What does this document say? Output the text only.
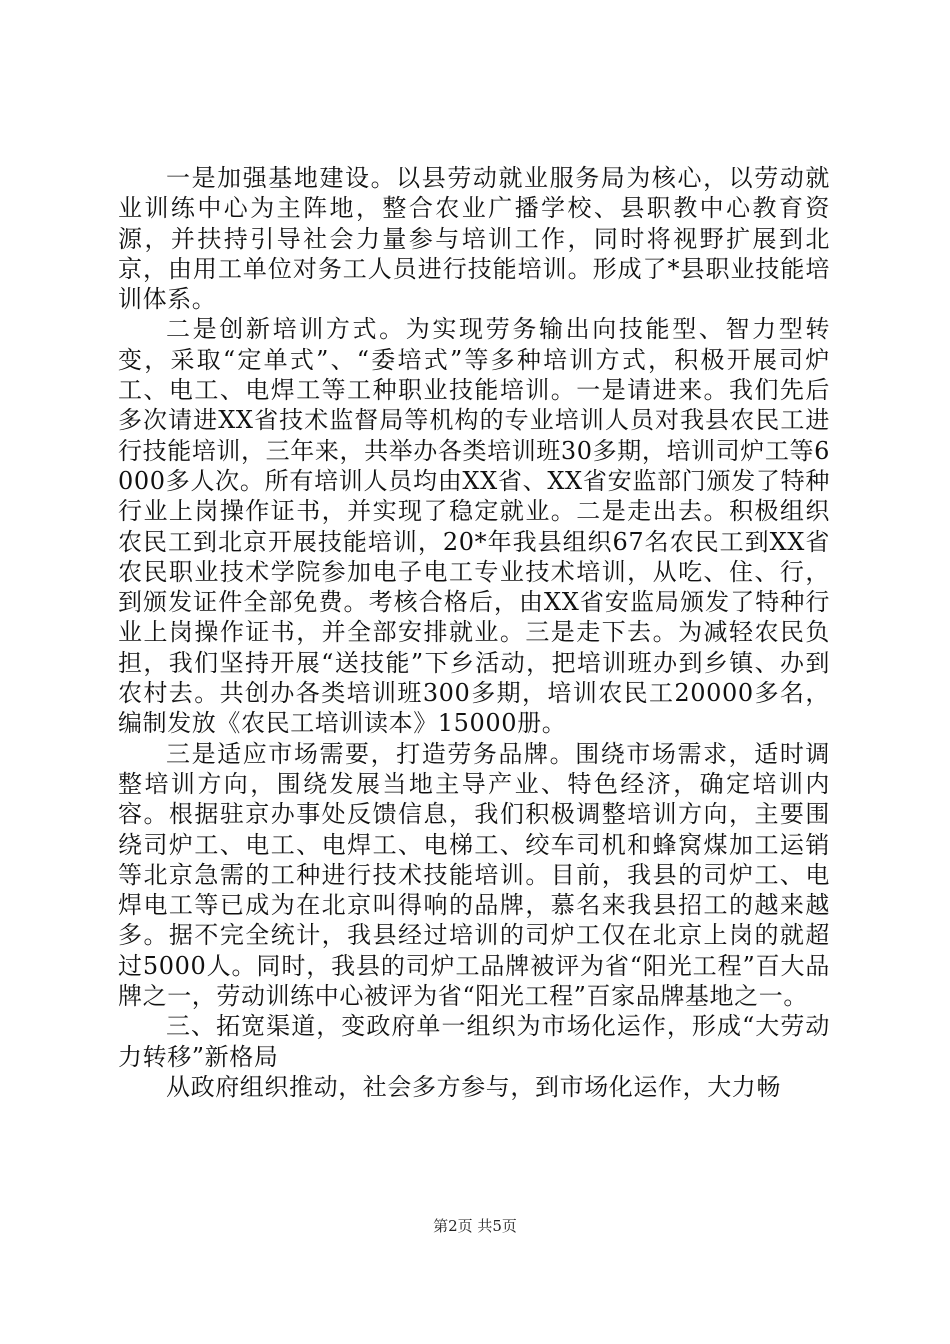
一是加强基地建设。以县劳动就业服务局为核心，以劳动就业训练中心为主阵地，整合农业广播学校、县职教中心教育资源，并扶持引导社会力量参与培训工作，同时将视野扩展到北京，由用工单位对务工人员进行技能培训。形成了*县职业技能培训体系。

二是创新培训方式。为实现劳务输出向技能型、智力型转变，采取“定单式”、“委培式”等多种培训方式，积极开展司炉工、电工、电焊工等工种职业技能培训。一是请进来。我们先后多次请进XX省技术监督局等机构的专业培训人员对我县农民工进行技能培训，三年来，共举办各类培训班30多期，培训司炉工等6000多人次。所有培训人员均由XX省、XX省安监部门颁发了特种行业上岗操作证书，并实现了稳定就业。二是走出去。积极组织农民工到北京开展技能培训，20*年我县组织67名农民工到XX省农民职业技术学院参加电子电工专业技术培训，从吃、住、行，到颁发证件全部免费。考核合格后，由XX省安监局颁发了特种行业上岗操作证书，并全部安排就业。三是走下去。为减轻农民负担，我们坚持开展“送技能”下乡活动，把培训班办到乡镇、办到农村去。共创办各类培训班300多期，培训农民工20000多名，编制发放《农民工培训读本》15000册。

三是适应市场需要，打造劳务品牌。围绕市场需求，适时调整培训方向，围绕发展当地主导产业、特色经济，确定培训内容。根据驻京办事处反馈信息，我们积极调整培训方向，主要围绕司炉工、电工、电焊工、电梯工、绞车司机和蜂窝煤加工运销等北京急需的工种进行技术技能培训。目前，我县的司炉工、电焊电工等已成为在北京叫得响的品牌，慕名来我县招工的越来越多。据不完全统计，我县经过培训的司炉工仅在北京上岗的就超过5000人。同时，我县的司炉工品牌被评为省“阳光工程”百大品牌之一，劳动训练中心被评为省“阳光工程”百家品牌基地之一。

三、拓宽渠道，变政府单一组织为市场化运作，形成“大劳动力转移”新格局

从政府组织推动，社会多方参与，到市场化运作，大力畅

第2页 共5页
